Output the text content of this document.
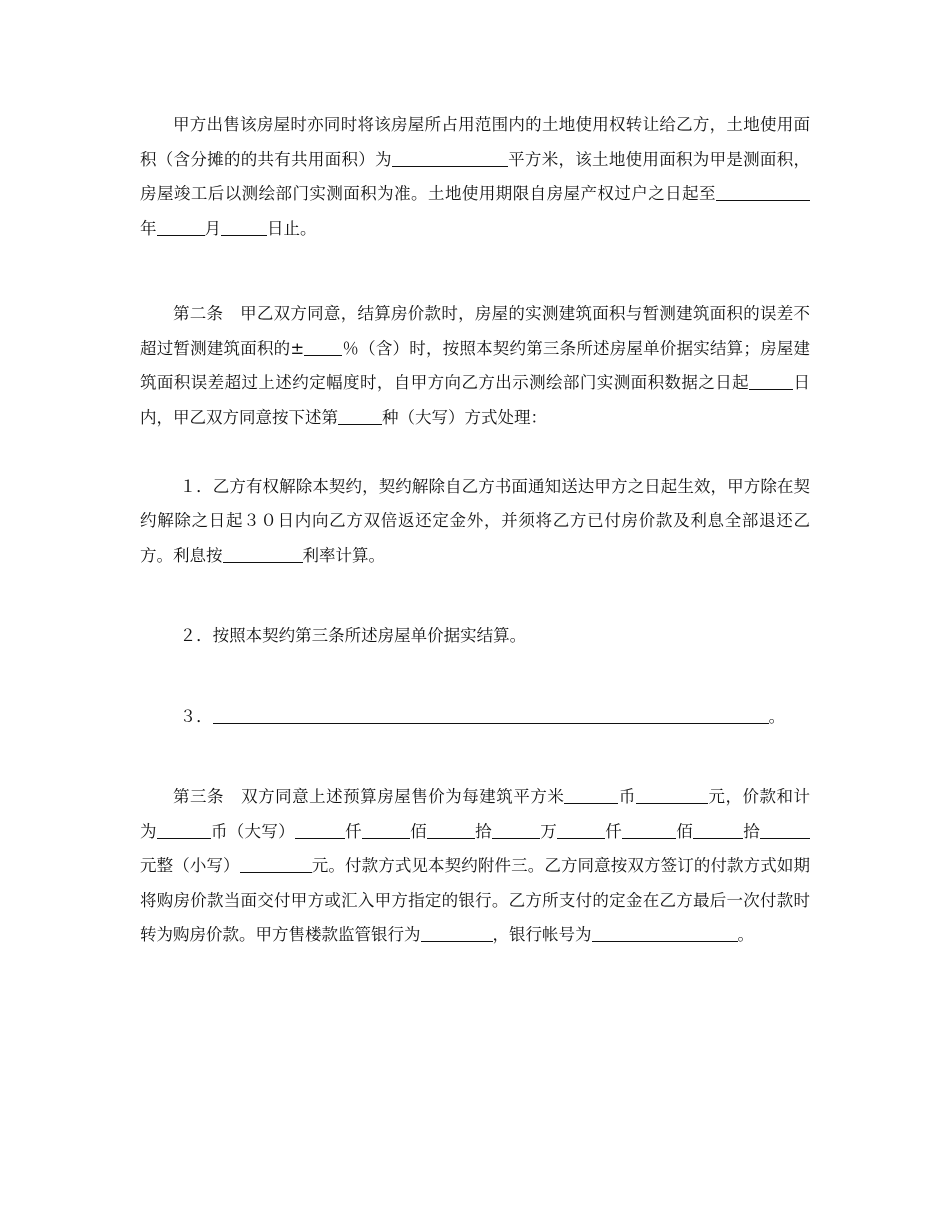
甲方出售该房屋时亦同时将该房屋所占用范围内的土地使用权转让给乙方，土地使用面积（含分摊的的共有共用面积）为	平方米，该土地使用面积为甲是测面积，房屋竣工后以测绘部门实测面积为准。土地使用期限自房屋产权过户之日起至年	月	日止。

第二条　甲乙双方同意，结算房价款时，房屋的实测建筑面积与暂测建筑面积的误差不超过暂测建筑面积的± ％（含）时，按照本契约第三条所述房屋单价据实结算；房屋建筑面积误差超过上述约定幅度时，自甲方向乙方出示测绘部门实测面积数据之日起	日内，甲乙双方同意按下述第	种（大写）方式处理：

１．乙方有权解除本契约，契约解除自乙方书面通知送达甲方之日起生效，甲方除在契约解除之日起３０日内向乙方双倍返还定金外，并须将乙方已付房价款及利息全部退还乙方。利息按	利率计算。

２．按照本契约第三条所述房屋单价据实结算。

３．	。

第三条　双方同意上述预算房屋售价为每建筑平方米	币	元，价款和计为	币（大写）	仟	佰	拾	万	仟	佰	拾元整（小写）	元。付款方式见本契约附件三。乙方同意按双方签订的付款方式如期将购房价款当面交付甲方或汇入甲方指定的银行。乙方所支付的定金在乙方最后一次付款时转为购房价款。甲方售楼款监管银行为	，银行帐号为	。
